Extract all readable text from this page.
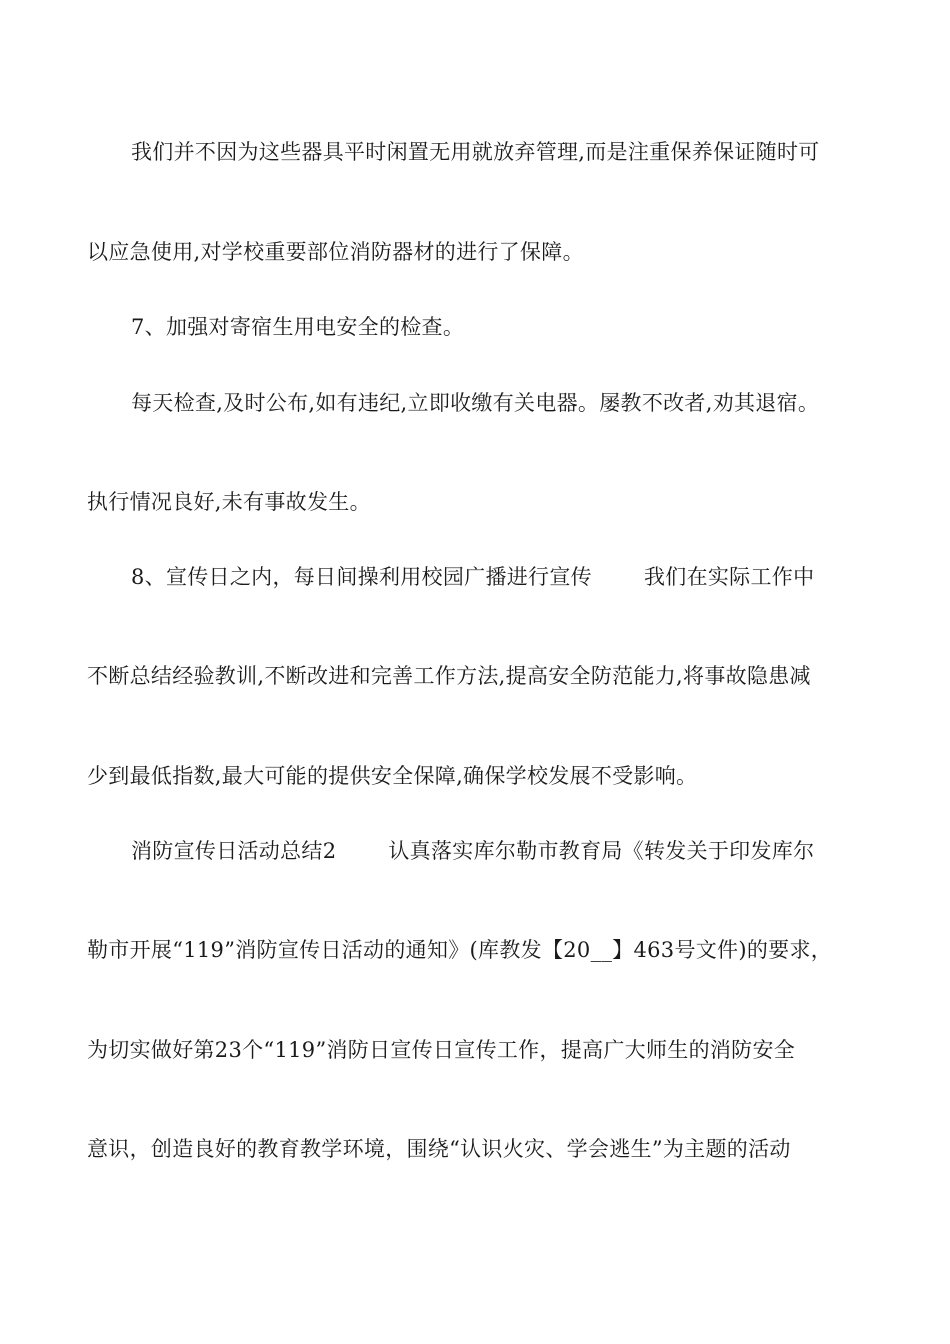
我们并不因为这些器具平时闲置无用就放弃管理,而是注重保养保证随时可
以应急使用,对学校重要部位消防器材的进行了保障。
7、加强对寄宿生用电安全的检查。
每天检查,及时公布,如有违纪,立即收缴有关电器。屡教不改者,劝其退宿。
执行情况良好,未有事故发生。
8、宣传日之内，每日间操利用校园广播进行宣传 我们在实际工作中
不断总结经验教训,不断改进和完善工作方法,提高安全防范能力,将事故隐患减
少到最低指数,最大可能的提供安全保障,确保学校发展不受影响。
消防宣传日活动总结2 认真落实库尔勒市教育局《转发关于印发库尔
勒市开展“119”消防宣传日活动的通知》(库教发【20__】463号文件)的要求，
为切实做好第23个“119”消防日宣传日宣传工作，提高广大师生的消防安全
意识，创造良好的教育教学环境，围绕“认识火灾、学会逃生”为主题的活动
